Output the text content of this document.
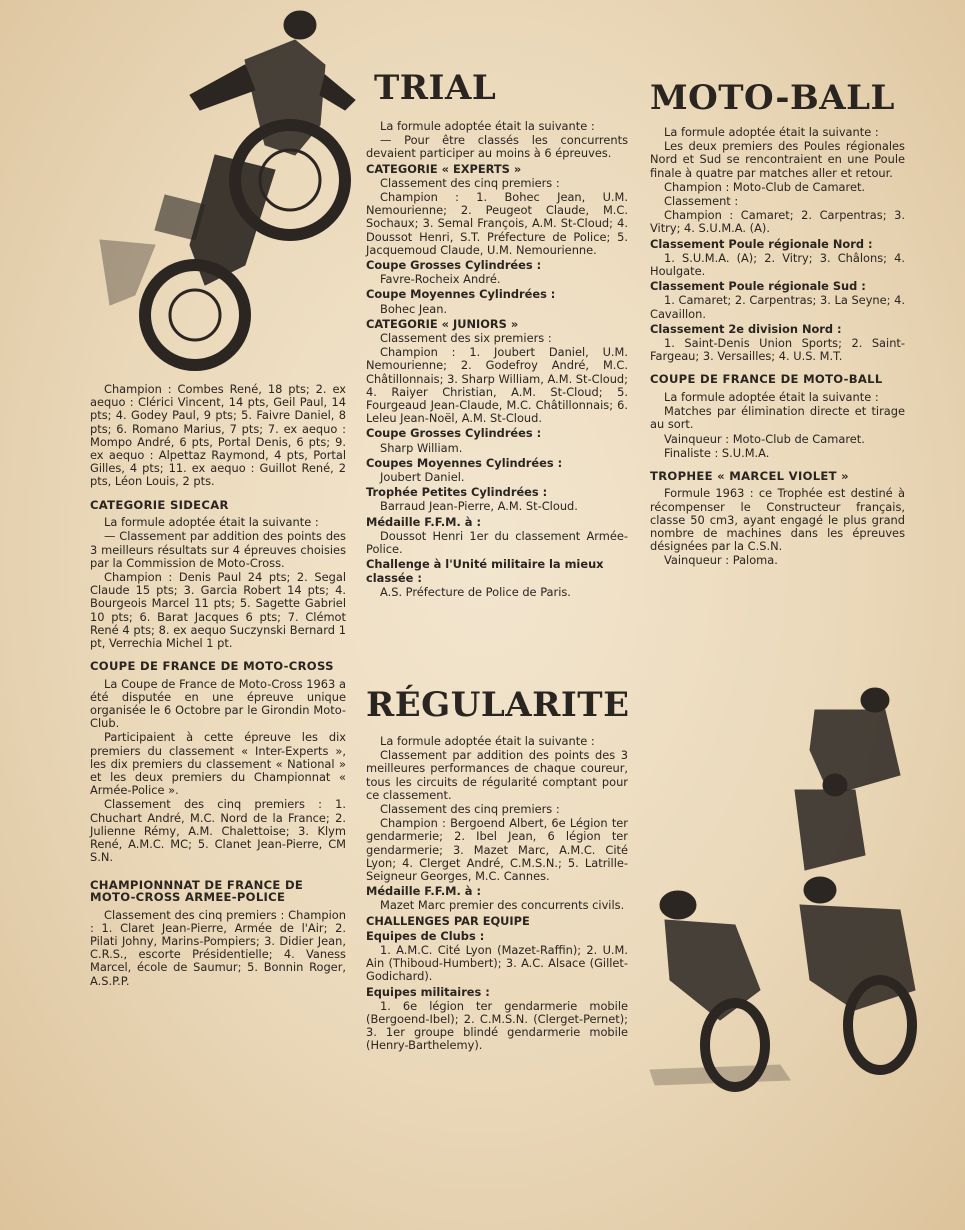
Champion : Combes René, 18 pts; 2. ex aequo : Clérici Vincent, 14 pts, Geil Paul, 14 pts; 4. Godey Paul, 9 pts; 5. Faivre Daniel, 8 pts; 6. Romano Marius, 7 pts; 7. ex aequo : Mompo André, 6 pts, Portal Denis, 6 pts; 9. ex aequo : Alpettaz Raymond, 4 pts, Portal Gilles, 4 pts; 11. ex aequo : Guillot René, 2 pts, Léon Louis, 2 pts.

CATEGORIE SIDECAR

La formule adoptée était la suivante :

— Classement par addition des points des 3 meilleurs résultats sur 4 épreuves choisies par la Commission de Moto-Cross.

Champion : Denis Paul 24 pts; 2. Segal Claude 15 pts; 3. Garcia Robert 14 pts; 4. Bourgeois Marcel 11 pts; 5. Sagette Gabriel 10 pts; 6. Barat Jacques 6 pts; 7. Clémot René 4 pts; 8. ex aequo Suczynski Bernard 1 pt, Verrechia Michel 1 pt.

COUPE DE FRANCE DE MOTO-CROSS

La Coupe de France de Moto-Cross 1963 a été disputée en une épreuve unique organisée le 6 Octobre par le Girondin Moto-Club.

Participaient à cette épreuve les dix premiers du classement « Inter-Experts », les dix premiers du classement « National » et les deux premiers du Championnat « Armée-Police ».

Classement des cinq premiers : 1. Chuchart André, M.C. Nord de la France; 2. Julienne Rémy, A.M. Chalettoise; 3. Klym René, A.M.C. MC; 5. Clanet Jean-Pierre, CM S.N.

CHAMPIONNNAT DE FRANCE DE MOTO-CROSS ARMEE-POLICE

Classement des cinq premiers : Champion : 1. Claret Jean-Pierre, Armée de l'Air; 2. Pilati Johny, Marins-Pompiers; 3. Didier Jean, C.R.S., escorte Présidentielle; 4. Vaness Marcel, école de Saumur; 5. Bonnin Roger, A.S.P.P.

TRIAL

La formule adoptée était la suivante :

— Pour être classés les concurrents devaient participer au moins à 6 épreuves.

CATEGORIE « EXPERTS »

Classement des cinq premiers :

Champion : 1. Bohec Jean, U.M. Nemourienne; 2. Peugeot Claude, M.C. Sochaux; 3. Semal François, A.M. St-Cloud; 4. Doussot Henri, S.T. Préfecture de Police; 5. Jacquemoud Claude, U.M. Nemourienne.

Coupe Grosses Cylindrées :

Favre-Rocheix André.

Coupe Moyennes Cylindrées :

Bohec Jean.

CATEGORIE « JUNIORS »

Classement des six premiers :

Champion : 1. Joubert Daniel, U.M. Nemourienne; 2. Godefroy André, M.C. Châtillonnais; 3. Sharp William, A.M. St-Cloud; 4. Raiyer Christian, A.M. St-Cloud; 5. Fourgeaud Jean-Claude, M.C. Châtillonnais; 6. Leleu Jean-Noël, A.M. St-Cloud.

Coupe Grosses Cylindrées :

Sharp William.

Coupes Moyennes Cylindrées :

Joubert Daniel.

Trophée Petites Cylindrées :

Barraud Jean-Pierre, A.M. St-Cloud.

Médaille F.F.M. à :

Doussot Henri 1er du classement Armée-Police.

Challenge à l'Unité militaire la mieux classée :

A.S. Préfecture de Police de Paris.

RÉGULARITE

La formule adoptée était la suivante :

Classement par addition des points des 3 meilleures performances de chaque coureur, tous les circuits de régularité comptant pour ce classement.

Classement des cinq premiers :

Champion : Bergoend Albert, 6e Légion ter gendarmerie; 2. Ibel Jean, 6 légion ter gendarmerie; 3. Mazet Marc, A.M.C. Cité Lyon; 4. Clerget André, C.M.S.N.; 5. Latrille-Seigneur Georges, M.C. Cannes.

Médaille F.F.M. à :

Mazet Marc premier des concurrents civils.

CHALLENGES PAR EQUIPE
Equipes de Clubs :

1. A.M.C. Cité Lyon (Mazet-Raffin); 2. U.M. Ain (Thiboud-Humbert); 3. A.C. Alsace (Gillet-Godichard).

Equipes militaires :

1. 6e légion ter gendarmerie mobile (Bergoend-Ibel); 2. C.M.S.N. (Clerget-Pernet); 3. 1er groupe blindé gendarmerie mobile (Henry-Barthelemy).

MOTO-BALL

La formule adoptée était la suivante :

Les deux premiers des Poules régionales Nord et Sud se rencontraient en une Poule finale à quatre par matches aller et retour.

Champion : Moto-Club de Camaret.

Classement :

Champion : Camaret; 2. Carpentras; 3. Vitry; 4. S.U.M.A. (A).

Classement Poule régionale Nord :

1. S.U.M.A. (A); 2. Vitry; 3. Châlons; 4. Houlgate.

Classement Poule régionale Sud :

1. Camaret; 2. Carpentras; 3. La Seyne; 4. Cavaillon.

Classement 2e division Nord :

1. Saint-Denis Union Sports; 2. Saint-Fargeau; 3. Versailles; 4. U.S. M.T.

COUPE DE FRANCE DE MOTO-BALL

La formule adoptée était la suivante :

Matches par élimination directe et tirage au sort.

Vainqueur : Moto-Club de Camaret.

Finaliste : S.U.M.A.

TROPHEE « MARCEL VIOLET »

Formule 1963 : ce Trophée est destiné à récompenser le Constructeur français, classe 50 cm3, ayant engagé le plus grand nombre de machines dans les épreuves désignées par la C.S.N.

Vainqueur : Paloma.
